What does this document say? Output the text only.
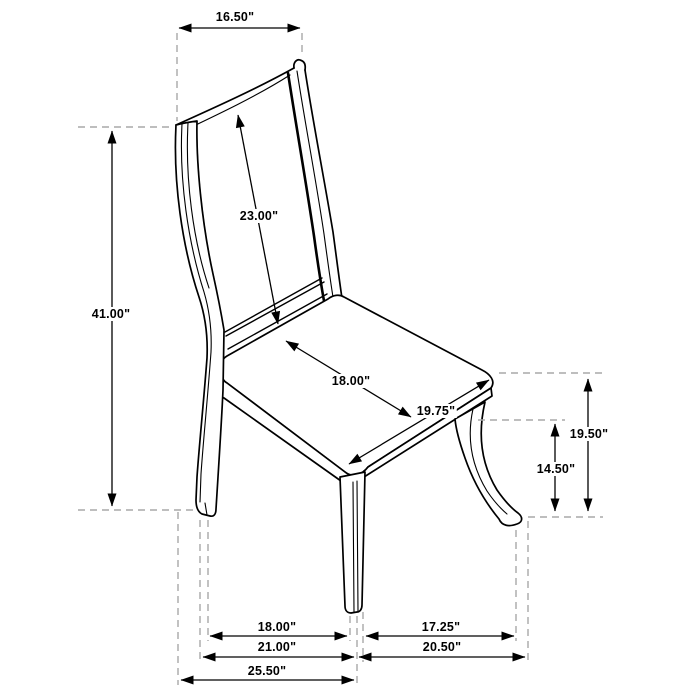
16.50"
41.00"
23.00"
18.00"
19.75"
19.50"
14.50"
18.00"	17.25"
21.00"	20.50"
25.50"
